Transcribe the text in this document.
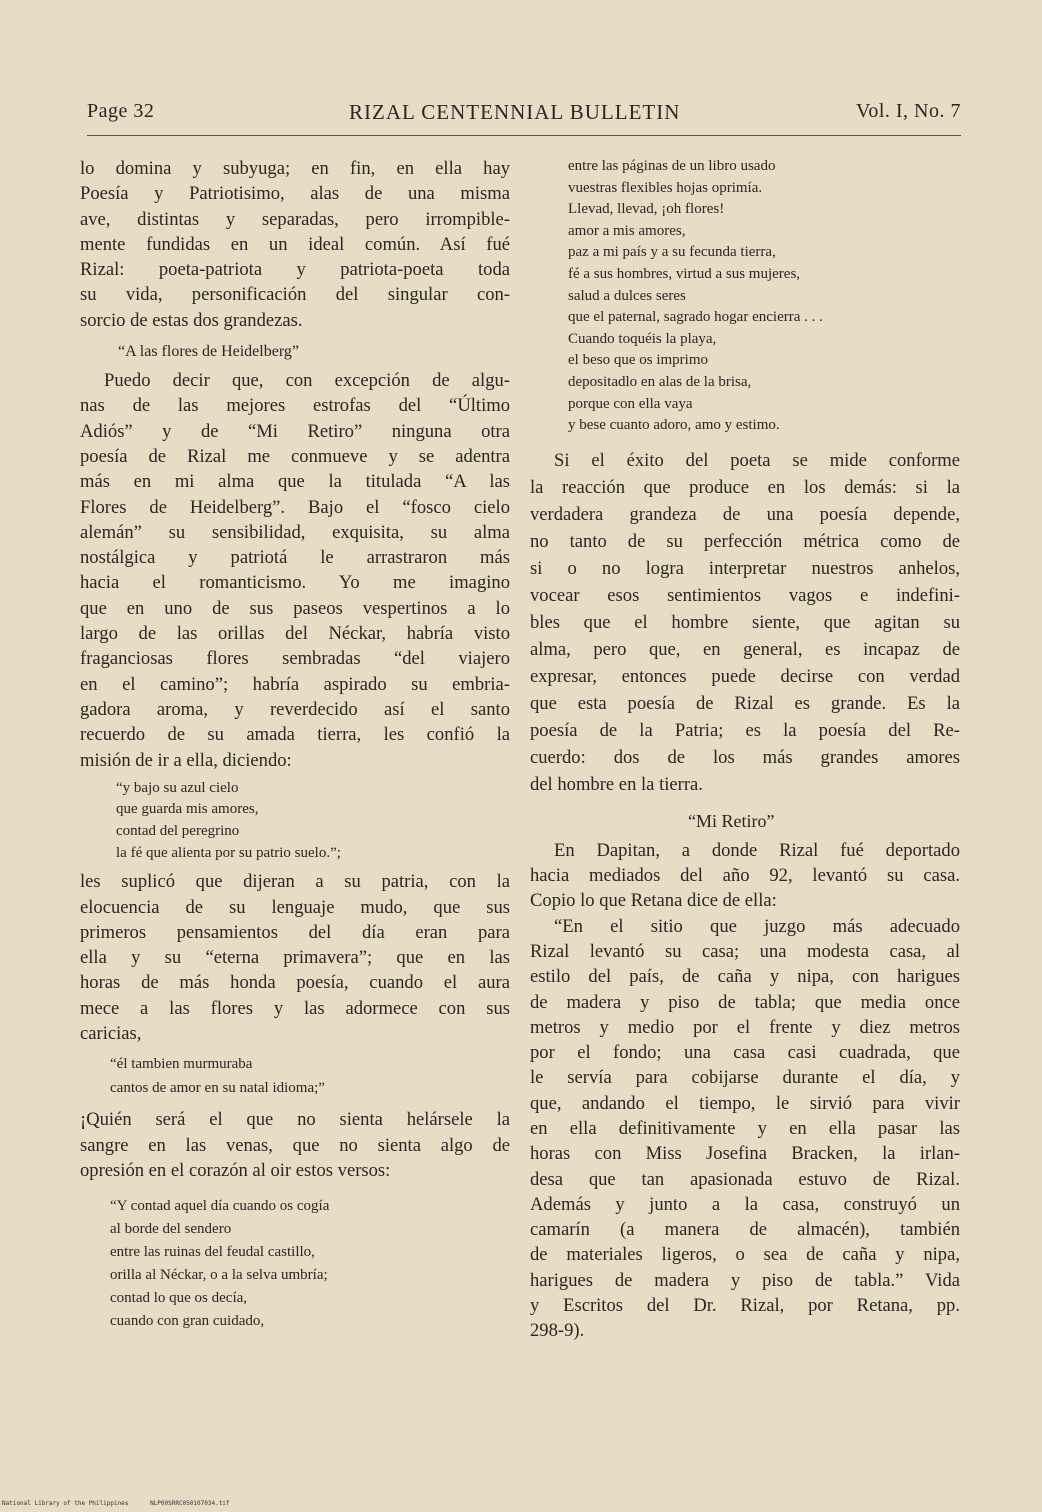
Page 32	RIZAL CENTENNIAL BULLETIN	Vol. I, No. 7
lo domina y subyuga; en fin, en ella hay
Poesía y Patriotisimo, alas de una misma
ave, distintas y separadas, pero irrompible-
mente fundidas en un ideal común. Así fué
Rizal: poeta-patriota y patriota-poeta toda
su vida, personificación del singular con-
sorcio de estas dos grandezas.
“A las flores de Heidelberg”
Puedo decir que, con excepción de algu-
nas de las mejores estrofas del “Último
Adiós” y de “Mi Retiro” ninguna otra
poesía de Rizal me conmueve y se adentra
más en mi alma que la titulada “A las
Flores de Heidelberg”. Bajo el “fosco cielo
alemán” su sensibilidad, exquisita, su alma
nostálgica y patriotá le arrastraron más
hacia el romanticismo. Yo me imagino
que en uno de sus paseos vespertinos a lo
largo de las orillas del Néckar, habría visto
fraganciosas flores sembradas “del viajero
en el camino”; habría aspirado su embria-
gadora aroma, y reverdecido así el santo
recuerdo de su amada tierra, les confió la
misión de ir a ella, diciendo:
“y bajo su azul cielo
que guarda mis amores,
contad del peregrino
la fé que alienta por su patrio suelo.”;
les suplicó que dijeran a su patria, con la
elocuencia de su lenguaje mudo, que sus
primeros pensamientos del día eran para
ella y su “eterna primavera”; que en las
horas de más honda poesía, cuando el aura
mece a las flores y las adormece con sus
caricias,
“él tambien murmuraba
cantos de amor en su natal idioma;”
¡Quién será el que no sienta helársele la
sangre en las venas, que no sienta algo de
opresión en el corazón al oir estos versos:
“Y contad aquel día cuando os cogía
al borde del sendero
entre las ruinas del feudal castillo,
orilla al Néckar, o a la selva umbría;
contad lo que os decía,
cuando con gran cuidado,
entre las páginas de un libro usado
vuestras flexibles hojas oprimía.
Llevad, llevad, ¡oh flores!
amor a mis amores,
paz a mi país y a su fecunda tierra,
fé a sus hombres, virtud a sus mujeres,
salud a dulces seres
que el paternal, sagrado hogar encierra . . .
Cuando toquéis la playa,
el beso que os imprimo
depositadlo en alas de la brisa,
porque con ella vaya
y bese cuanto adoro, amo y estimo.
Si el éxito del poeta se mide conforme
la reacción que produce en los demás: si la
verdadera grandeza de una poesía depende,
no tanto de su perfección métrica como de
si o no logra interpretar nuestros anhelos,
vocear esos sentimientos vagos e indefini-
bles que el hombre siente, que agitan su
alma, pero que, en general, es incapaz de
expresar, entonces puede decirse con verdad
que esta poesía de Rizal es grande. Es la
poesía de la Patria; es la poesía del Re-
cuerdo: dos de los más grandes amores
del hombre en la tierra.
“Mi Retiro”
En Dapitan, a donde Rizal fué deportado
hacia mediados del año 92, levantó su casa.
Copio lo que Retana dice de ella:
“En el sitio que juzgo más adecuado
Rizal levantó su casa; una modesta casa, al
estilo del país, de caña y nipa, con harigues
de madera y piso de tabla; que media once
metros y medio por el frente y diez metros
por el fondo; una casa casi cuadrada, que
le servía para cobijarse durante el día, y
que, andando el tiempo, le sirvió para vivir
en ella definitivamente y en ella pasar las
horas con Miss Josefina Bracken, la irlan-
desa que tan apasionada estuvo de Rizal.
Además y junto a la casa, construyó un
camarín (a manera de almacén), también
de materiales ligeros, o sea de caña y nipa,
harigues de madera y piso de tabla.” Vida
y Escritos del Dr. Rizal, por Retana, pp.
298-9).
National Library of the Philippines	NLP00SRRC050107034.tif
